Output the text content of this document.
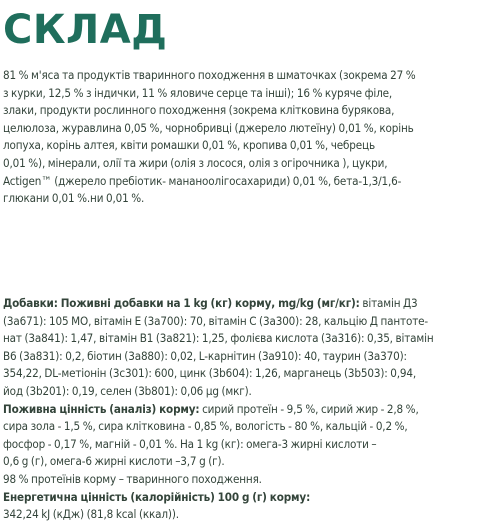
СКЛАД
81 % м'яса та продуктів тваринного походження в шматочках (зокрема 27 %
з курки, 12,5 % з індички, 11 % яловиче серце та інші); 16 % куряче філе,
злаки, продукти рослинного походження (зокрема клітковина бурякова,
целюлоза, журавлина 0,05 %, чорнобривці (джерело лютеїну) 0,01 %, корінь
лопуха, корінь алтея, квіти ромашки 0,01 %, кропива 0,01 %, чебрець
0,01 %), мінерали, олії та жири (олія з лосося, олія з огірочника ), цукри,
Actigen™ (джерело пребіотик- мананоолігосахариди) 0,01 %, бета-1,3/1,6-
глюкани 0,01 %.ни 0,01 %.
Добавки: Поживні добавки на 1 kg (кг) корму, mg/kg (мг/кг): вітамін Д3
(3а671): 105 МО, вітамін Е (3а700): 70, вітамін С (3а300): 28, кальцію Д пантоте-
нат (3а841): 1,47, вітамін В1 (3а821): 1,25, фолієва кислота (3а316): 0,35, вітамін
В6 (3а831): 0,2, біотин (3а880): 0,02, L-карнітин (3а910): 40, таурин (3а370):
354,22, DL-метіонін (3с301): 600, цинк (3b604): 1,26, марганець (3b503): 0,94,
йод (3b201): 0,19, селен (3b801): 0,06 µg (мкг).
Поживна цінність (аналіз) корму: сирий протеїн - 9,5 %, сирий жир - 2,8 %,
сира зола - 1,5 %, сира клітковина - 0,85 %, вологість - 80 %, кальцій - 0,2 %,
фосфор - 0,17 %, магній - 0,01 %. На 1 kg (кг): омега-3 жирні кислоти –
0,6 g (г), омега-6 жирні кислоти –3,7 g (г).
98 % протеїнів корму – тваринного походження.
Енергетична цінність (калорійність) 100 g (г) корму:
342,24 kJ (кДж) (81,8 kcal (ккал)).
